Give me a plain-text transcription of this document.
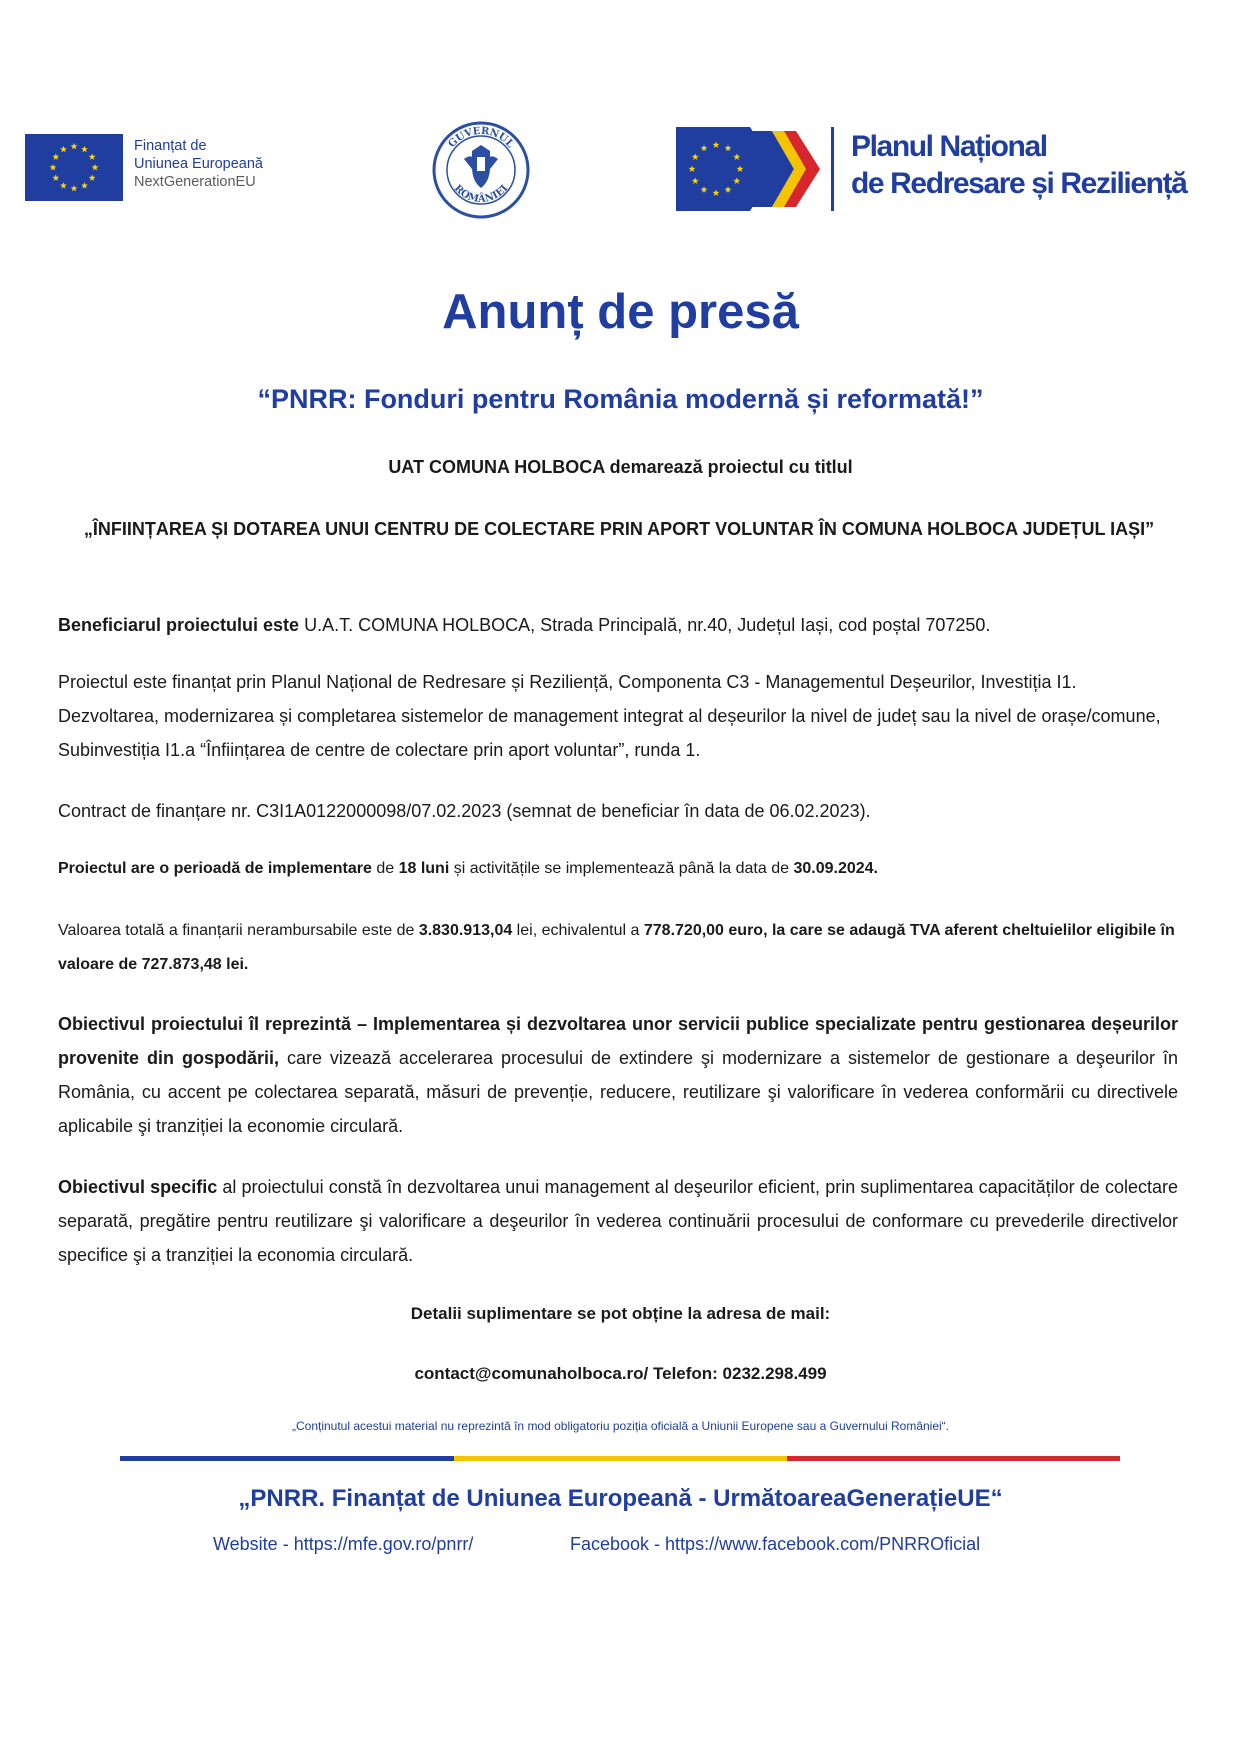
Finanțat de
Uniunea Europeană
NextGenerationEU
GUVERNUL
ROMÂNIEI
Planul Național
de Redresare și Reziliență
Anunț de presă
“PNRR: Fonduri pentru România modernă și reformată!”
UAT COMUNA HOLBOCA demarează proiectul cu titlul
„ÎNFIINȚAREA ȘI DOTAREA UNUI CENTRU DE COLECTARE PRIN APORT VOLUNTAR ÎN COMUNA HOLBOCA JUDEȚUL IAȘI”
Beneficiarul proiectului este U.A.T. COMUNA HOLBOCA, Strada Principală, nr.40, Județul Iași, cod poștal 707250.
Proiectul este finanțat prin Planul Național de Redresare și Reziliență, Componenta C3 - Managementul Deșeurilor, Investiția I1. Dezvoltarea, modernizarea și completarea sistemelor de management integrat al deșeurilor la nivel de județ sau la nivel de orașe/comune, Subinvestiția I1.a “Înființarea de centre de colectare prin aport voluntar”, runda 1.
Contract de finanțare nr. C3I1A0122000098/07.02.2023 (semnat de beneficiar în data de 06.02.2023).
Proiectul are o perioadă de implementare de 18 luni și activitățile se implementează până la data de 30.09.2024.
Valoarea totală a finanțarii nerambursabile este de 3.830.913,04 lei, echivalentul a 778.720,00 euro, la care se adaugă TVA aferent cheltuielilor eligibile în valoare de 727.873,48 lei.
Obiectivul proiectului îl reprezintă – Implementarea și dezvoltarea unor servicii publice specializate pentru gestionarea deșeurilor provenite din gospodării, care vizează accelerarea procesului de extindere şi modernizare a sistemelor de gestionare a deşeurilor în România, cu accent pe colectarea separată, măsuri de prevenție, reducere, reutilizare şi valorificare în vederea conformării cu directivele aplicabile şi tranziției la economie circulară.
Obiectivul specific al proiectului constă în dezvoltarea unui management al deşeurilor eficient, prin suplimentarea capacităților de colectare separată, pregătire pentru reutilizare şi valorificare a deşeurilor în vederea continuării procesului de conformare cu prevederile directivelor specifice şi a tranziției la economia circulară.
Detalii suplimentare se pot obține la adresa de mail:
contact@comunaholboca.ro/ Telefon: 0232.298.499
„Conținutul acestui material nu reprezintă în mod obligatoriu poziția oficială a Uniunii Europene sau a Guvernului României“.
„PNRR. Finanțat de Uniunea Europeană - UrmătoareaGenerațieUE“
Website - https://mfe.gov.ro/pnrr/	Facebook - https://www.facebook.com/PNRROficial
